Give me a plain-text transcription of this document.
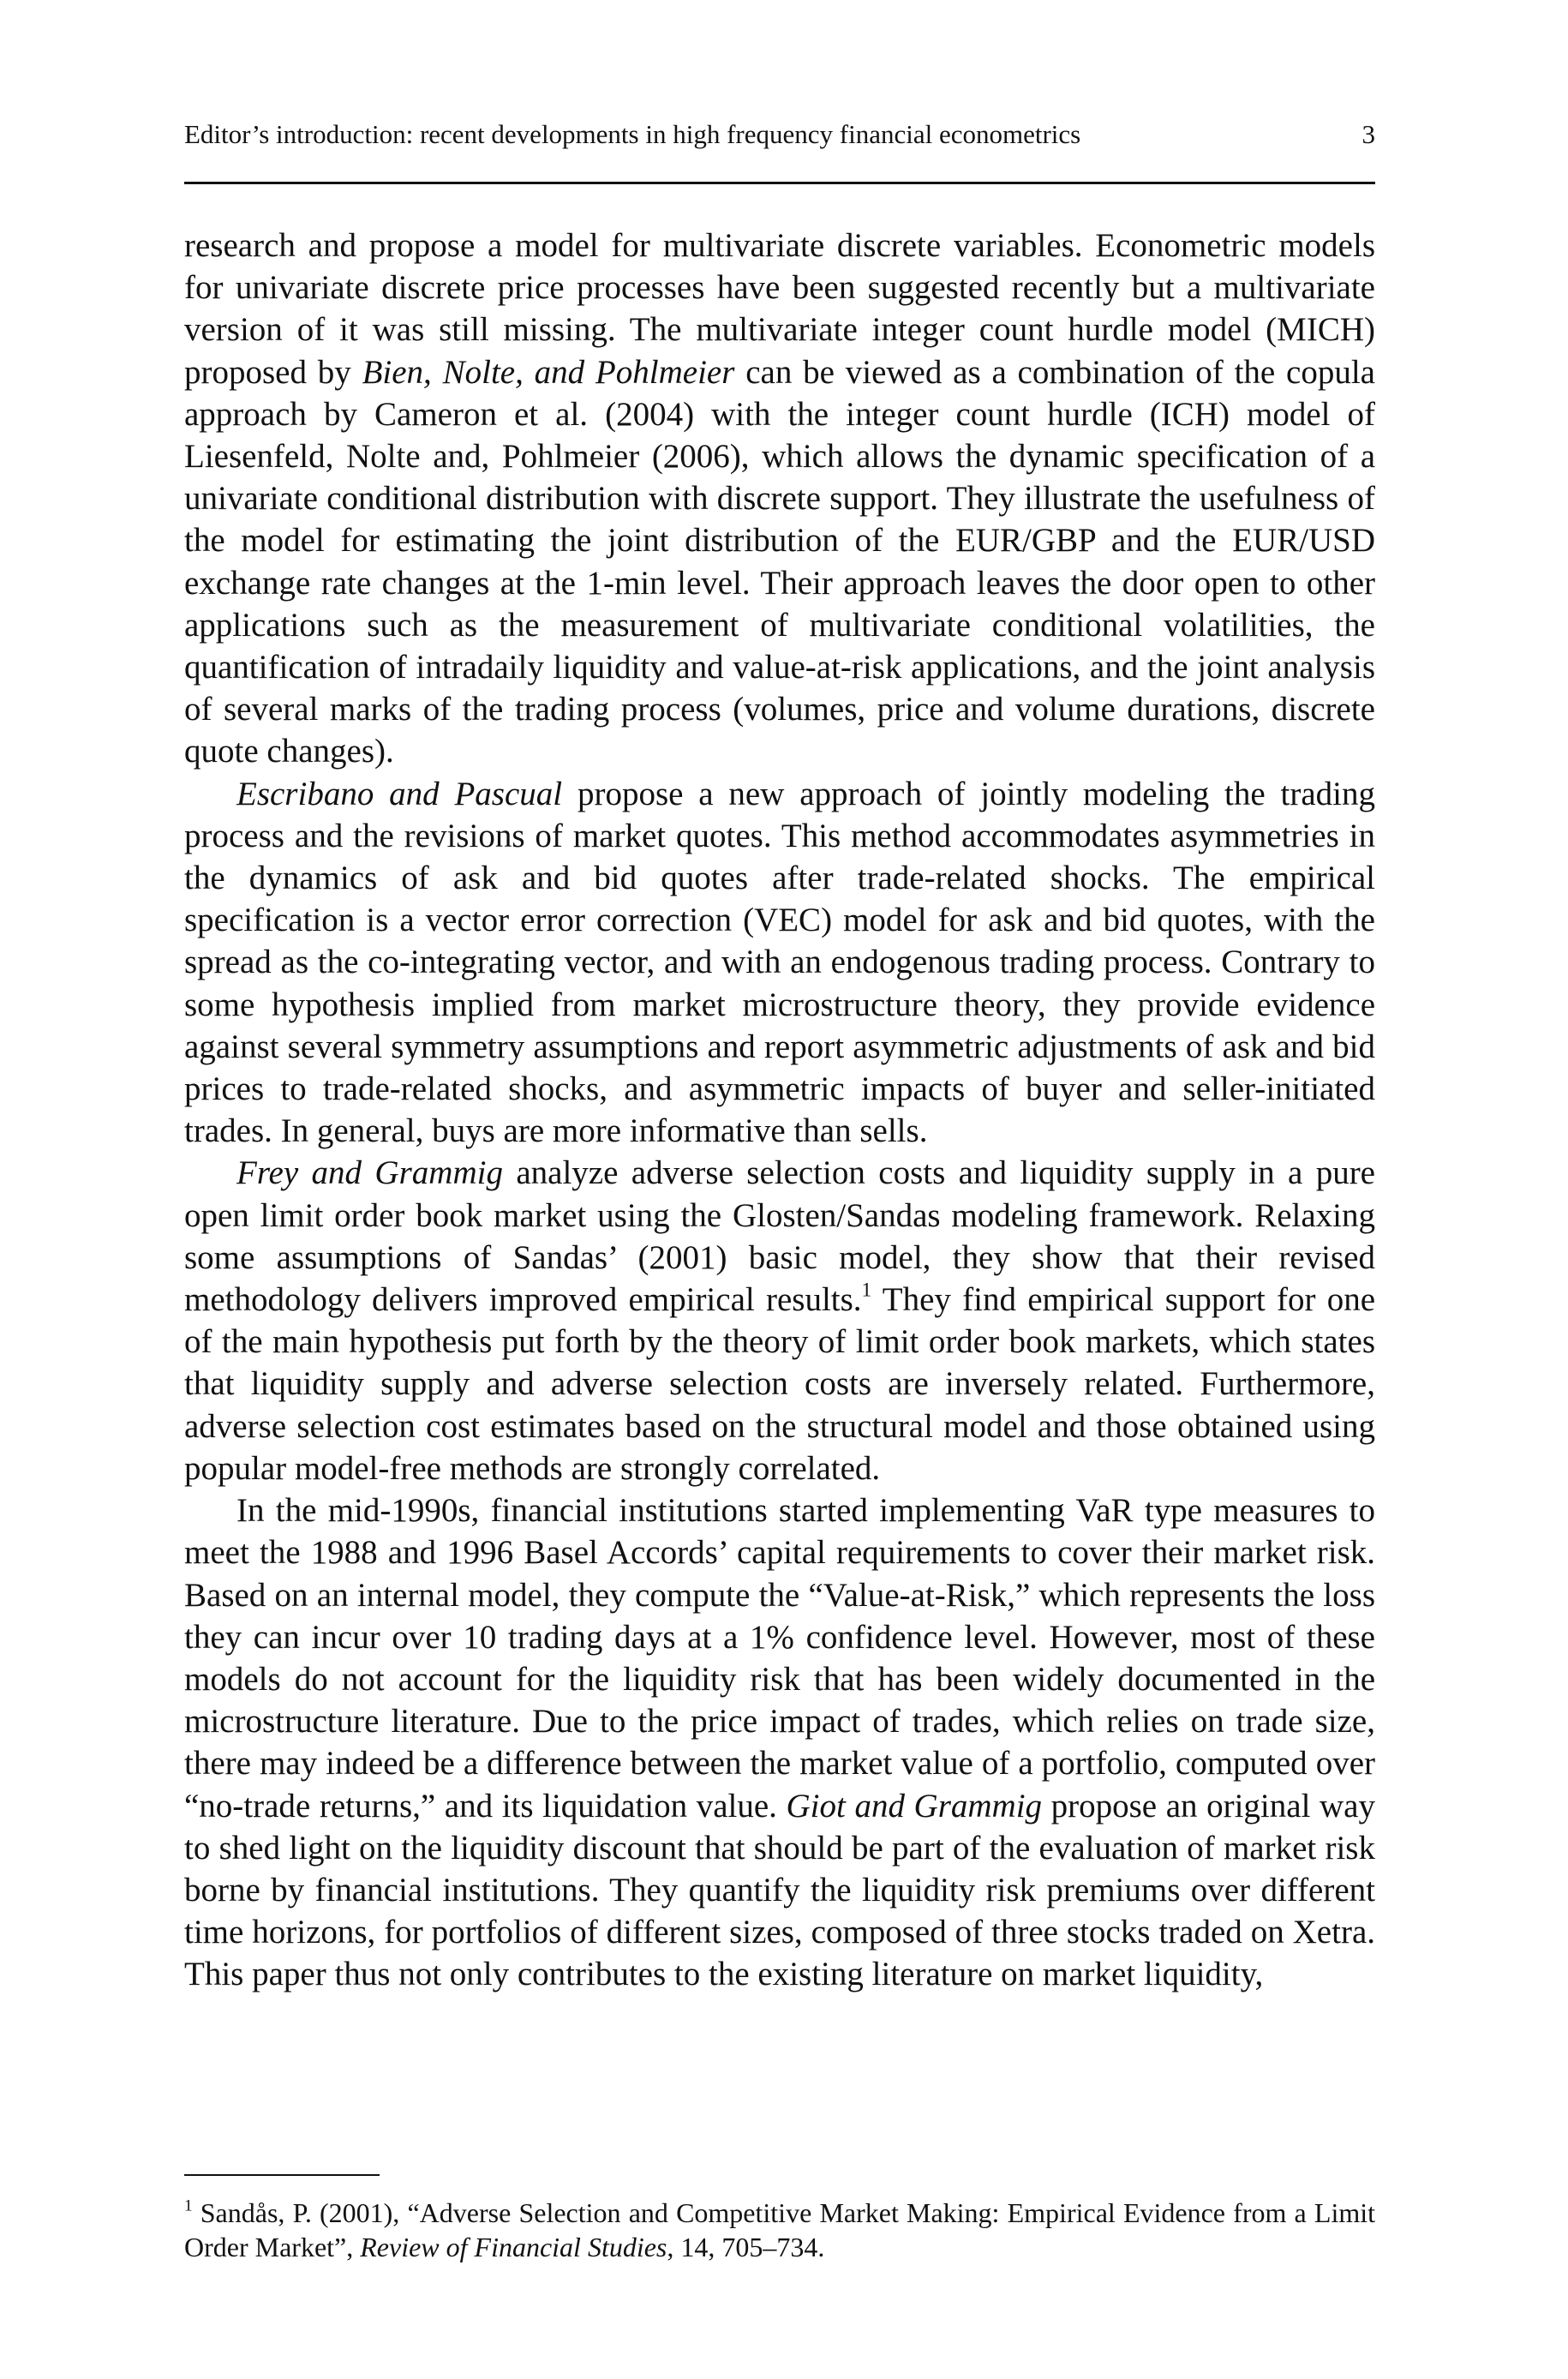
Editor’s introduction: recent developments in high frequency financial econometrics	3

research and propose a model for multivariate discrete variables. Econometric models for univariate discrete price processes have been suggested recently but a multivariate version of it was still missing. The multivariate integer count hurdle model (MICH) proposed by Bien, Nolte, and Pohlmeier can be viewed as a combination of the copula approach by Cameron et al. (2004) with the integer count hurdle (ICH) model of Liesenfeld, Nolte and, Pohlmeier (2006), which allows the dynamic specification of a univariate conditional distribution with discrete support. They illustrate the usefulness of the model for estimating the joint distribution of the EUR/GBP and the EUR/USD exchange rate changes at the 1-min level. Their approach leaves the door open to other applications such as the measurement of multivariate conditional volatilities, the quantification of intradaily liquidity and value-at-risk applications, and the joint analysis of several marks of the trading process (volumes, price and volume durations, discrete quote changes).

Escribano and Pascual propose a new approach of jointly modeling the trading process and the revisions of market quotes. This method accommodates asymmetries in the dynamics of ask and bid quotes after trade-related shocks. The empirical specification is a vector error correction (VEC) model for ask and bid quotes, with the spread as the co-integrating vector, and with an endogenous trading process. Contrary to some hypothesis implied from market microstructure theory, they provide evidence against several symmetry assumptions and report asymmetric adjustments of ask and bid prices to trade-related shocks, and asymmetric impacts of buyer and seller-initiated trades. In general, buys are more informative than sells.

Frey and Grammig analyze adverse selection costs and liquidity supply in a pure open limit order book market using the Glosten/Sandas modeling framework. Relaxing some assumptions of Sandas’ (2001) basic model, they show that their revised methodology delivers improved empirical results.$^1$ They find empirical support for one of the main hypothesis put forth by the theory of limit order book markets, which states that liquidity supply and adverse selection costs are inversely related. Furthermore, adverse selection cost estimates based on the structural model and those obtained using popular model-free methods are strongly correlated.

In the mid-1990s, financial institutions started implementing VaR type measures to meet the 1988 and 1996 Basel Accords’ capital requirements to cover their market risk. Based on an internal model, they compute the “Value-at-Risk,” which represents the loss they can incur over 10 trading days at a 1% confidence level. However, most of these models do not account for the liquidity risk that has been widely documented in the microstructure literature. Due to the price impact of trades, which relies on trade size, there may indeed be a difference between the market value of a portfolio, computed over “no-trade returns,” and its liquidation value. Giot and Grammig propose an original way to shed light on the liquidity discount that should be part of the evaluation of market risk borne by financial institutions. They quantify the liquidity risk premiums over different time horizons, for portfolios of different sizes, composed of three stocks traded on Xetra. This paper thus not only contributes to the existing literature on market liquidity,

$^1$ Sandås, P. (2001), “Adverse Selection and Competitive Market Making: Empirical Evidence from a Limit Order Market”, Review of Financial Studies, 14, 705–734.
